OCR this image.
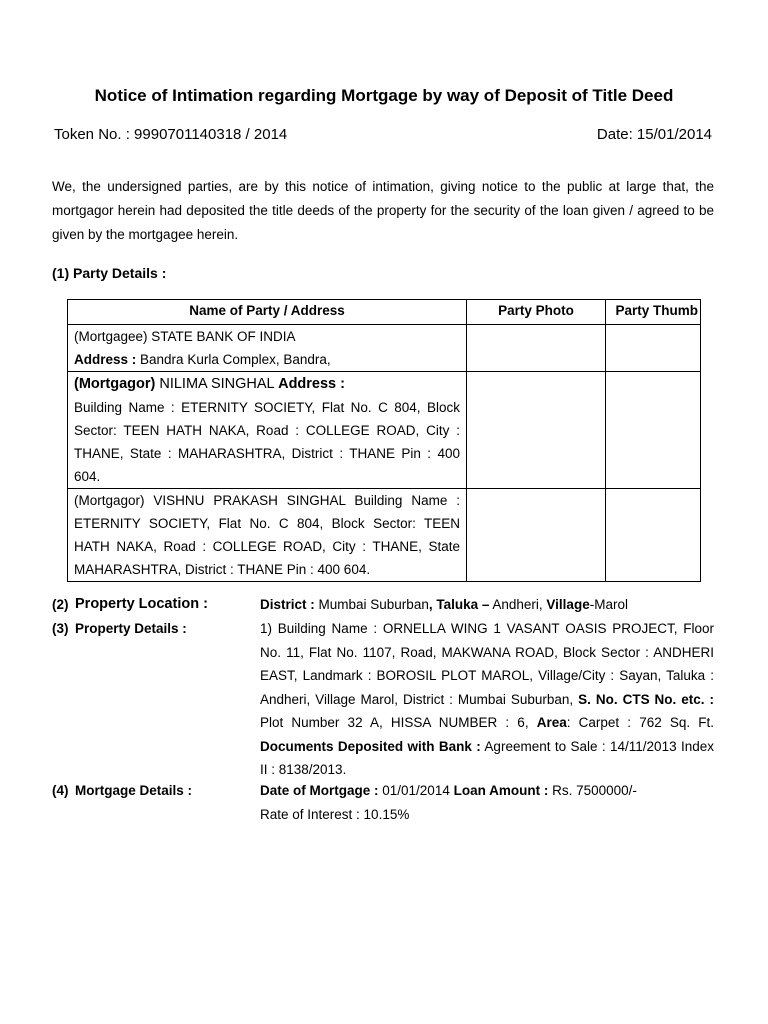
Notice of Intimation regarding Mortgage by way of Deposit of Title Deed
Token No. : 9990701140318 / 2014	Date: 15/01/2014
We, the undersigned parties, are by this notice of intimation, giving notice to the public at large that, the mortgagor herein had deposited the title deeds of the property for the security of the loan given / agreed to be given by the mortgagee herein.
(1) Party Details :
Name of Party / Address	Party Photo	Party Thumb

(Mortgagee) STATE BANK OF INDIA
Address : Bandra Kurla Complex, Bandra,		

(Mortgagor) NILIMA SINGHAL Address :
Building Name : ETERNITY SOCIETY, Flat No. C 804, Block Sector: TEEN HATH NAKA, Road : COLLEGE ROAD, City : THANE, State : MAHARASHTRA, District : THANE Pin : 400 604.		

(Mortgagor) VISHNU PRAKASH SINGHAL Building Name : ETERNITY SOCIETY, Flat No. C 804, Block Sector: TEEN HATH NAKA, Road : COLLEGE ROAD, City : THANE, State MAHARASHTRA, District : THANE Pin : 400 604.		
(2) Property Location :	District : Mumbai Suburban, Taluka – Andheri, Village-Marol
(3) Property Details :	1) Building Name : ORNELLA WING 1 VASANT OASIS PROJECT, Floor No. 11, Flat No. 1107, Road, MAKWANA ROAD, Block Sector : ANDHERI EAST, Landmark : BOROSIL PLOT MAROL, Village/City : Sayan, Taluka : Andheri, Village Marol, District : Mumbai Suburban, S. No. CTS No. etc. : Plot Number 32 A, HISSA NUMBER : 6, Area: Carpet : 762 Sq. Ft. Documents Deposited with Bank : Agreement to Sale : 14/11/2013 Index II : 8138/2013.
(4) Mortgage Details :	Date of Mortgage : 01/01/2014 Loan Amount : Rs. 7500000/-
Rate of Interest : 10.15%
